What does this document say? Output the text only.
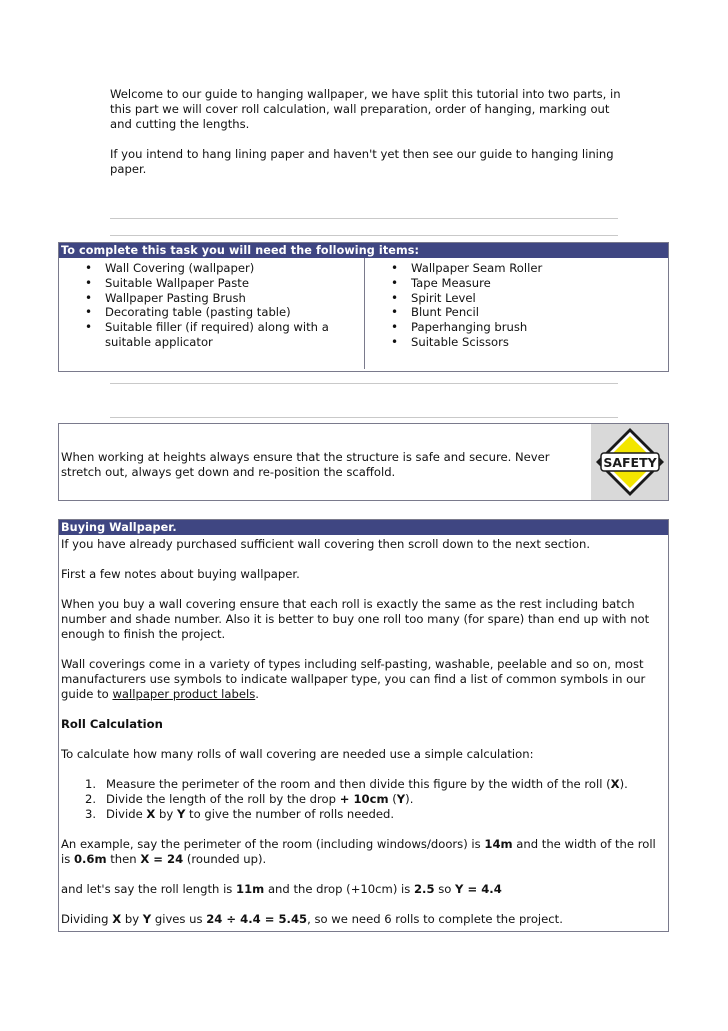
Welcome to our guide to hanging wallpaper, we have split this tutorial into two parts, in this part we will cover roll calculation, wall preparation, order of hanging, marking out and cutting the lengths.

If you intend to hang lining paper and haven't yet then see our guide to hanging lining paper.

To complete this task you will need the following items:
• Wall Covering (wallpaper)
• Suitable Wallpaper Paste
• Wallpaper Pasting Brush
• Decorating table (pasting table)
• Suitable filler (if required) along with a suitable applicator
• Wallpaper Seam Roller
• Tape Measure
• Spirit Level
• Blunt Pencil
• Paperhanging brush
• Suitable Scissors
When working at heights always ensure that the structure is safe and secure. Never stretch out, always get down and re-position the scaffold.
SAFETY
Buying Wallpaper.

If you have already purchased sufficient wall covering then scroll down to the next section.

First a few notes about buying wallpaper.

When you buy a wall covering ensure that each roll is exactly the same as the rest including batch number and shade number. Also it is better to buy one roll too many (for spare) than end up with not enough to finish the project.

Wall coverings come in a variety of types including self-pasting, washable, peelable and so on, most manufacturers use symbols to indicate wallpaper type, you can find a list of common symbols in our guide to wallpaper product labels.

Roll Calculation

To calculate how many rolls of wall covering are needed use a simple calculation:

1. Measure the perimeter of the room and then divide this figure by the width of the roll (X).
2. Divide the length of the roll by the drop + 10cm (Y).
3. Divide X by Y to give the number of rolls needed.

An example, say the perimeter of the room (including windows/doors) is 14m and the width of the roll is 0.6m then X = 24 (rounded up).

and let's say the roll length is 11m and the drop (+10cm) is 2.5 so Y = 4.4

Dividing X by Y gives us 24 ÷ 4.4 = 5.45, so we need 6 rolls to complete the project.
